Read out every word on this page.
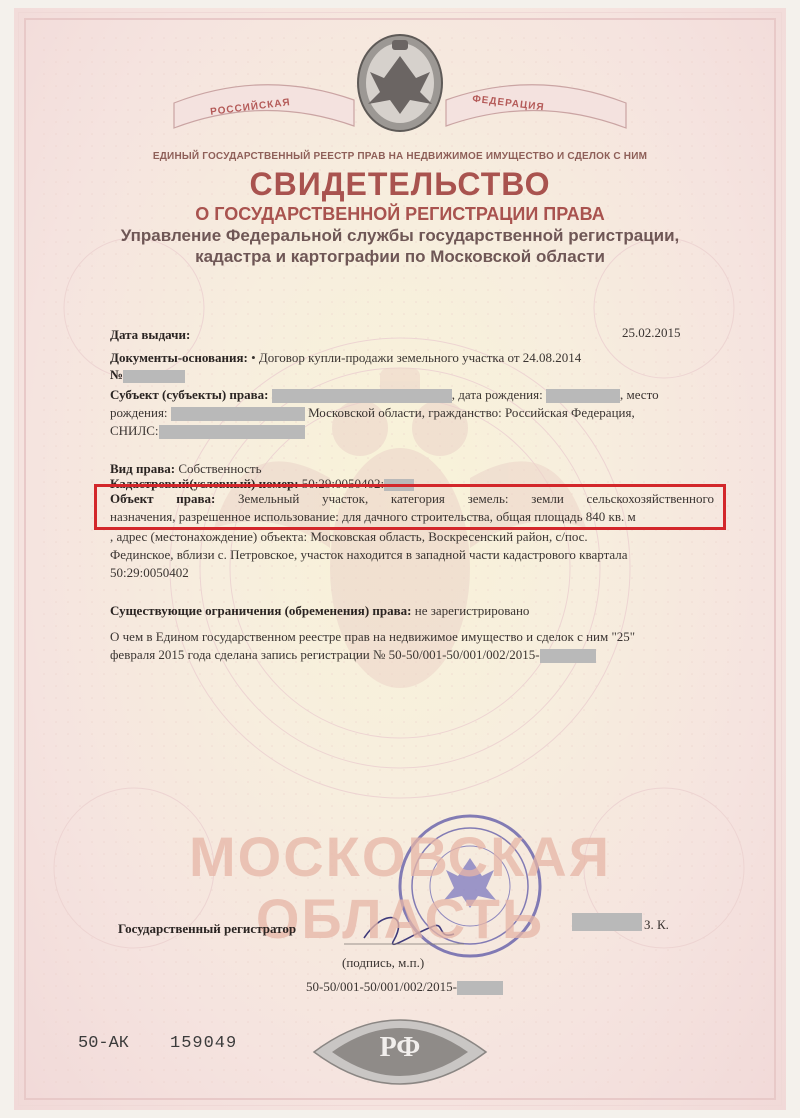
РОССИЙСКАЯ	ФЕДЕРАЦИЯ
ЕДИНЫЙ ГОСУДАРСТВЕННЫЙ РЕЕСТР ПРАВ НА НЕДВИЖИМОЕ ИМУЩЕСТВО И СДЕЛОК С НИМ
СВИДЕТЕЛЬСТВО
О ГОСУДАРСТВЕННОЙ РЕГИСТРАЦИИ ПРАВА
Управление Федеральной службы государственной регистрации,
кадастра и картографии по Московской области
Дата выдачи:	25.02.2015
Документы-основания: • Договор купли-продажи земельного участка от 24.08.2014
№
Субъект (субъекты) права:	, дата рождения:	, место
рождения:	Московской области, гражданство: Российская Федерация,
СНИЛС:
Вид права: Собственность
Кадастровый(условный) номер: 50:29:0050402:
Объект права: Земельный участок, категория земель: земли сельскохозяйственного
назначения, разрешенное использование: для дачного строительства, общая площадь 840 кв. м
, адрес (местонахождение) объекта: Московская область, Воскресенский район, с/пос.
Фединское, вблизи с. Петровское, участок находится в западной части кадастрового квартала
50:29:0050402
Существующие ограничения (обременения) права: не зарегистрировано
О чем в Едином государственном реестре прав на недвижимое имущество и сделок с ним "25"
февраля 2015 года сделана запись регистрации № 50-50/001-50/001/002/2015-
МОСКОВСКАЯ
ОБЛАСТЬ
Государственный регистратор	З. К.
(подпись, м.п.)
50-50/001-50/001/002/2015-
50-АК 159049	РФ
